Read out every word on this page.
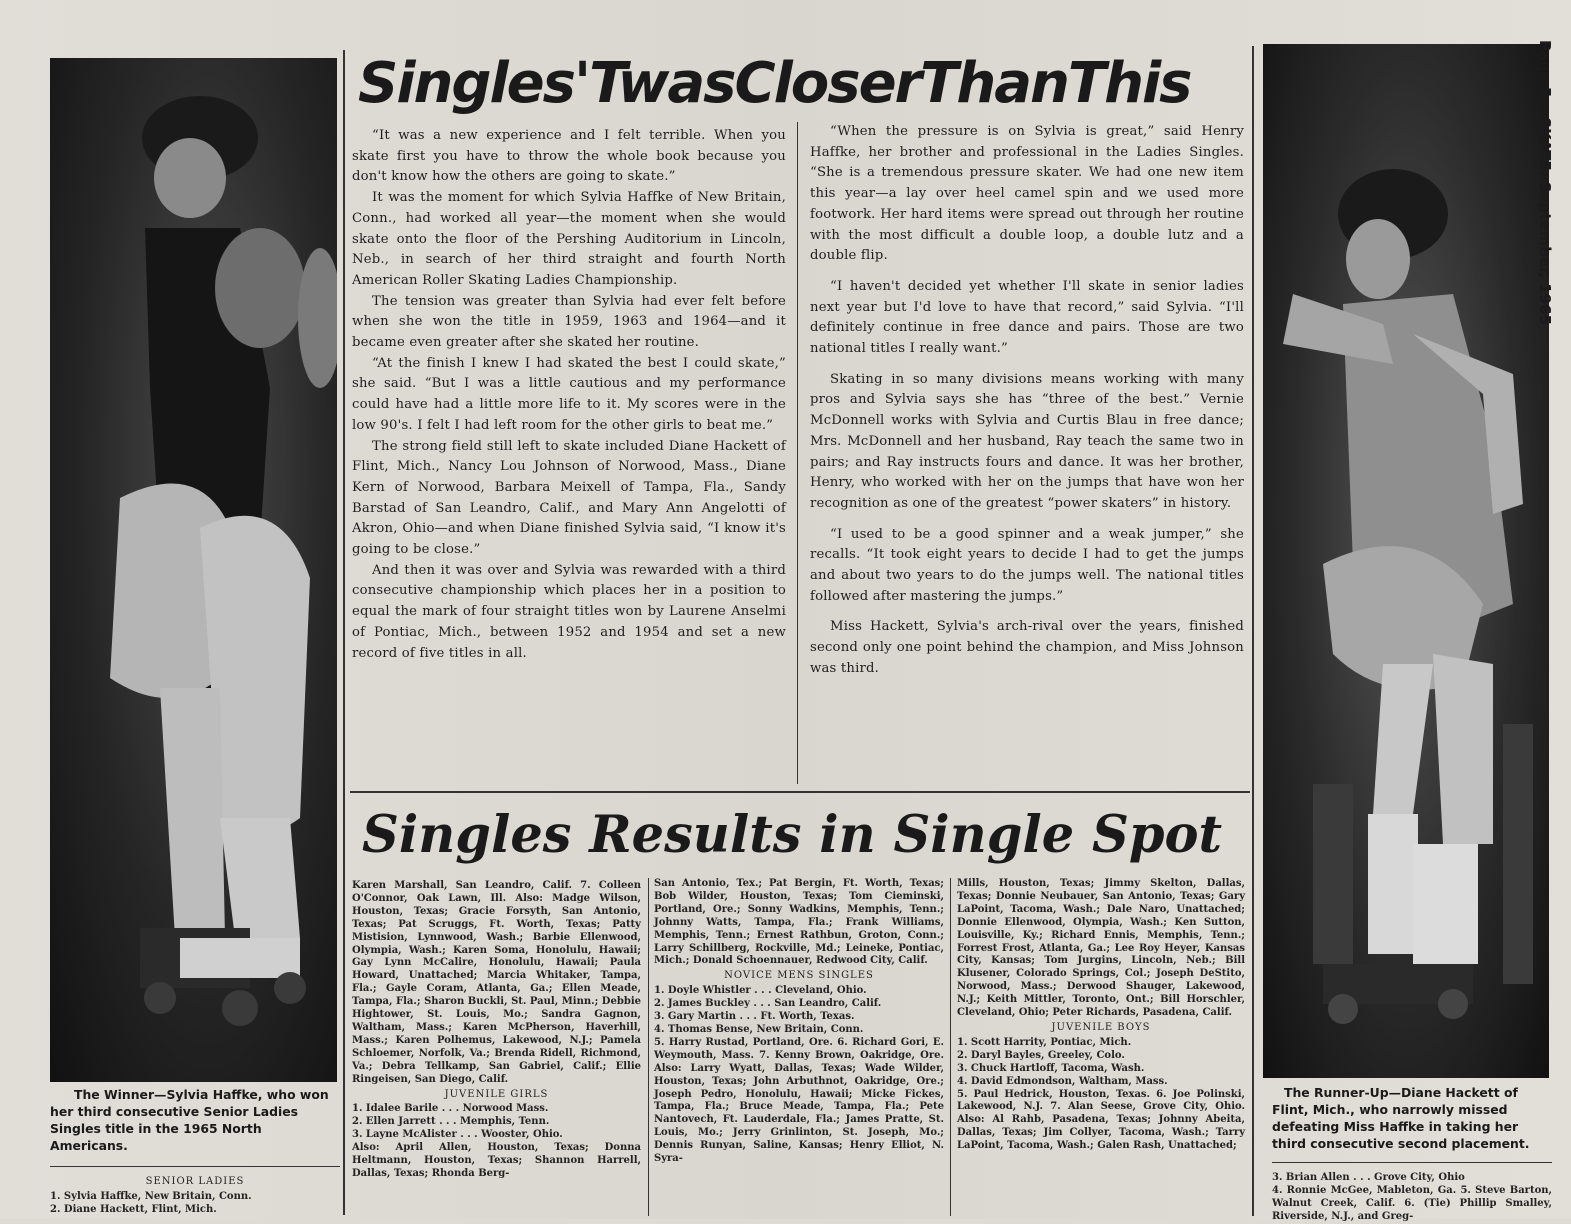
The Winner—Sylvia Haffke, who won her third consecutive Senior Ladies Singles title in the 1965 North Americans.
The Runner-Up—Diane Hackett of Flint, Mich., who narrowly missed defeating Miss Haffke in taking her third consecutive second placement.
Singles'TwasCloserThanThis

“It was a new experience and I felt terrible. When you skate first you have to throw the whole book because you don't know how the others are going to skate.”

It was the moment for which Sylvia Haffke of New Britain, Conn., had worked all year—the moment when she would skate onto the floor of the Pershing Auditorium in Lincoln, Neb., in search of her third straight and fourth North American Roller Skating Ladies Championship.

The tension was greater than Sylvia had ever felt before when she won the title in 1959, 1963 and 1964—and it became even greater after she skated her routine.

“At the finish I knew I had skated the best I could skate,” she said. “But I was a little cautious and my performance could have had a little more life to it. My scores were in the low 90's. I felt I had left room for the other girls to beat me.”

The strong field still left to skate included Diane Hackett of Flint, Mich., Nancy Lou Johnson of Norwood, Mass., Diane Kern of Norwood, Barbara Meixell of Tampa, Fla., Sandy Barstad of San Leandro, Calif., and Mary Ann Angelotti of Akron, Ohio—and when Diane finished Sylvia said, “I know it's going to be close.”

And then it was over and Sylvia was rewarded with a third consecutive championship which places her in a position to equal the mark of four straight titles won by Laurene Anselmi of Pontiac, Mich., between 1952 and 1954 and set a new record of five titles in all.

“When the pressure is on Sylvia is great,” said Henry Haffke, her brother and professional in the Ladies Singles. “She is a tremendous pressure skater. We had one new item this year—a lay over heel camel spin and we used more footwork. Her hard items were spread out through her routine with the most difficult a double loop, a double lutz and a double flip.

“I haven't decided yet whether I'll skate in senior ladies next year but I'd love to have that record,” said Sylvia. “I'll definitely continue in free dance and pairs. Those are two national titles I really want.”

Skating in so many divisions means working with many pros and Sylvia says she has “three of the best.” Vernie McDonnell works with Sylvia and Curtis Blau in free dance; Mrs. McDonnell and her husband, Ray teach the same two in pairs; and Ray instructs fours and dance. It was her brother, Henry, who worked with her on the jumps that have won her recognition as one of the greatest “power skaters” in history.

“I used to be a good spinner and a weak jumper,” she recalls. “It took eight years to decide I had to get the jumps and about two years to do the jumps well. The national titles followed after mastering the jumps.”

Miss Hackett, Sylvia's arch-rival over the years, finished second only one point behind the champion, and Miss Johnson was third.

Singles Results in Single Spot

Karen Marshall, San Leandro, Calif. 7. Colleen O'Connor, Oak Lawn, Ill. Also: Madge Wilson, Houston, Texas; Gracie Forsyth, San Antonio, Texas; Pat Scruggs, Ft. Worth, Texas; Patty Mistision, Lynnwood, Wash.; Barbie Ellenwood, Olympia, Wash.; Karen Soma, Honolulu, Hawaii; Gay Lynn McCalire, Honolulu, Hawaii; Paula Howard, Unattached; Marcia Whitaker, Tampa, Fla.; Gayle Coram, Atlanta, Ga.; Ellen Meade, Tampa, Fla.; Sharon Buckli, St. Paul, Minn.; Debbie Hightower, St. Louis, Mo.; Sandra Gagnon, Waltham, Mass.; Karen McPherson, Haverhill, Mass.; Karen Polhemus, Lakewood, N.J.; Pamela Schloemer, Norfolk, Va.; Brenda Ridell, Richmond, Va.; Debra Tellkamp, San Gabriel, Calif.; Ellie Ringeisen, San Diego, Calif.

JUVENILE GIRLS

1. Idalee Barile . . . Norwood Mass.

2. Ellen Jarrett . . . Memphis, Tenn.

3. Layne McAlister . . . Wooster, Ohio.

Also: April Allen, Houston, Texas; Donna Heltmann, Houston, Texas; Shannon Harrell, Dallas, Texas; Rhonda Berg-

San Antonio, Tex.; Pat Bergin, Ft. Worth, Texas; Bob Wilder, Houston, Texas; Tom Cieminski, Portland, Ore.; Sonny Wadkins, Memphis, Tenn.; Johnny Watts, Tampa, Fla.; Frank Williams, Memphis, Tenn.; Ernest Rathbun, Groton, Conn.; Larry Schillberg, Rockville, Md.; Leineke, Pontiac, Mich.; Donald Schoennauer, Redwood City, Calif.

NOVICE MENS SINGLES

1. Doyle Whistler . . . Cleveland, Ohio.

2. James Buckley . . . San Leandro, Calif.

3. Gary Martin . . . Ft. Worth, Texas.

4. Thomas Bense, New Britain, Conn.

5. Harry Rustad, Portland, Ore. 6. Richard Gori, E. Weymouth, Mass. 7. Kenny Brown, Oakridge, Ore. Also: Larry Wyatt, Dallas, Texas; Wade Wilder, Houston, Texas; John Arbuthnot, Oakridge, Ore.; Joseph Pedro, Honolulu, Hawaii; Micke Fickes, Tampa, Fla.; Bruce Meade, Tampa, Fla.; Pete Nantovech, Ft. Lauderdale, Fla.; James Pratte, St. Louis, Mo.; Jerry Grinlinton, St. Joseph, Mo.; Dennis Runyan, Saline, Kansas; Henry Elliot, N. Syra-

Mills, Houston, Texas; Jimmy Skelton, Dallas, Texas; Donnie Neubauer, San Antonio, Texas; Gary LaPoint, Tacoma, Wash.; Dale Naro, Unattached; Donnie Ellenwood, Olympia, Wash.; Ken Sutton, Louisville, Ky.; Richard Ennis, Memphis, Tenn.; Forrest Frost, Atlanta, Ga.; Lee Roy Heyer, Kansas City, Kansas; Tom Jurgins, Lincoln, Neb.; Bill Klusener, Colorado Springs, Col.; Joseph DeStito, Norwood, Mass.; Derwood Shauger, Lakewood, N.J.; Keith Mittler, Toronto, Ont.; Bill Horschler, Cleveland, Ohio; Peter Richards, Pasadena, Calif.

JUVENILE BOYS

1. Scott Harrity, Pontiac, Mich.

2. Daryl Bayles, Greeley, Colo.

3. Chuck Hartloff, Tacoma, Wash.

4. David Edmondson, Waltham, Mass.

5. Paul Hedrick, Houston, Texas. 6. Joe Polinski, Lakewood, N.J. 7. Alan Seese, Grove City, Ohio. Also: Al Rahb, Pasadena, Texas; Johnny Abeita, Dallas, Texas; Jim Collyer, Tacoma, Wash.; Tarry LaPoint, Tacoma, Wash.; Galen Rash, Unattached;

SENIOR LADIES

1. Sylvia Haffke, New Britain, Conn.

2. Diane Hackett, Flint, Mich.

3. Brian Allen . . . Grove City, Ohio

4. Ronnie McGee, Mableton, Ga. 5. Steve Barton, Walnut Creek, Calif. 6. (Tie) Phillip Smalley, Riverside, N.J., and Greg-

Page 5 • SKATE, September, 1965
